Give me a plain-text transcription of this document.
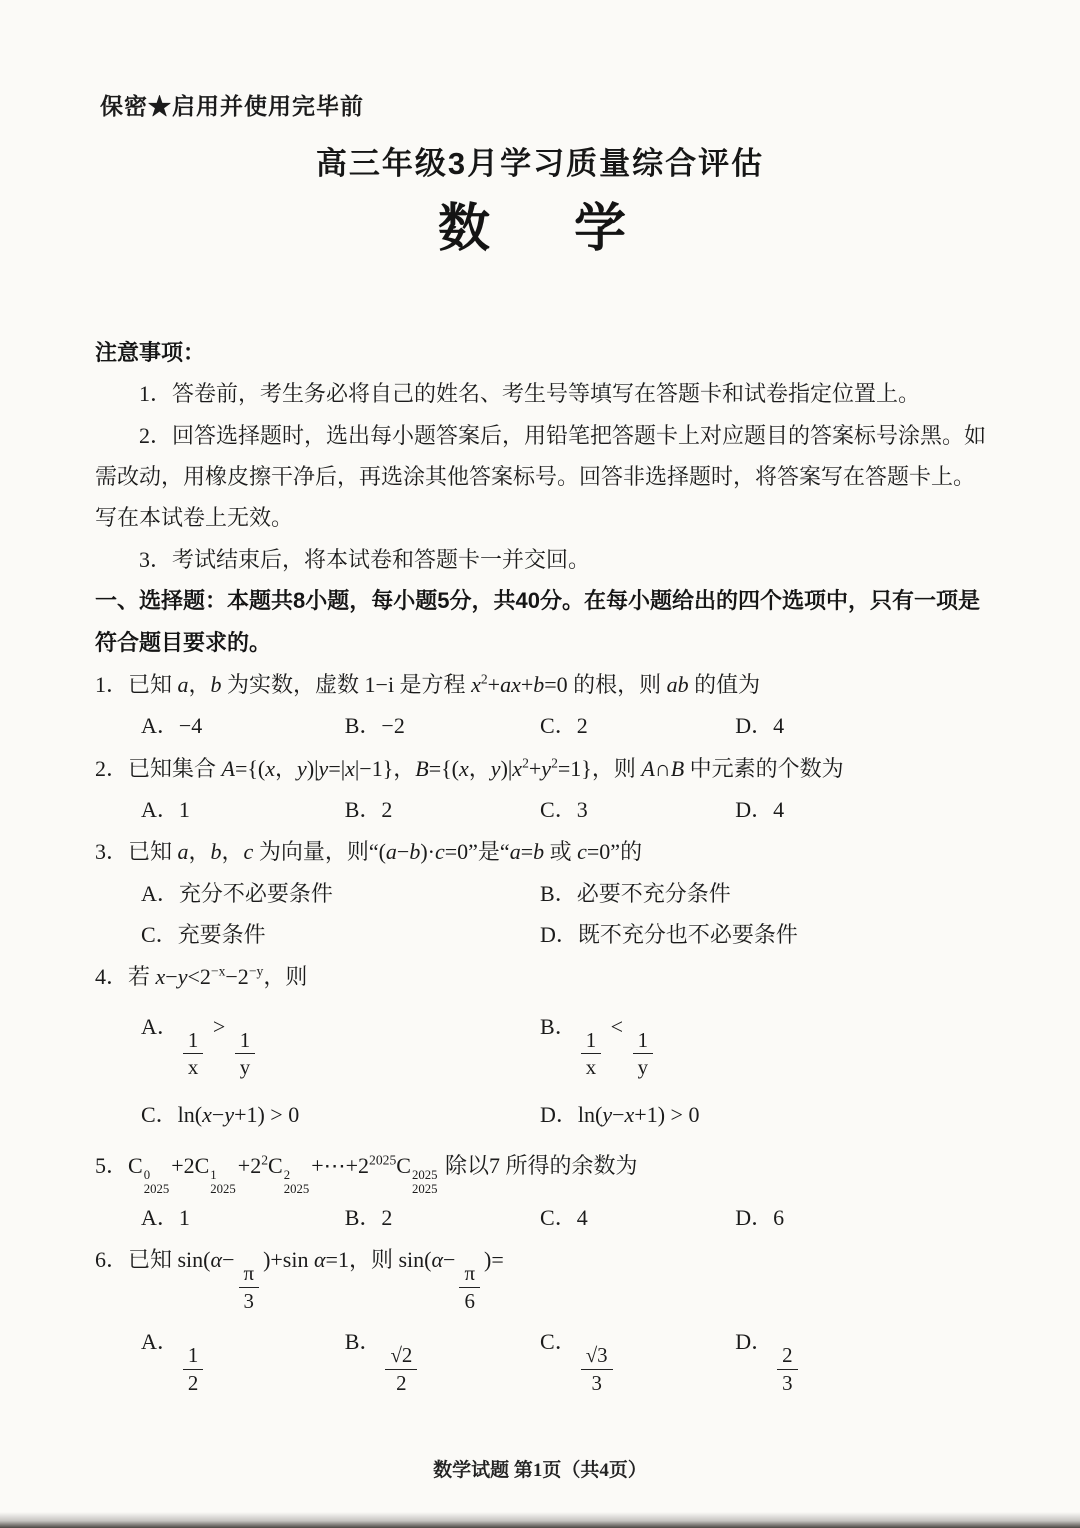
保密★启用并使用完毕前
高三年级3月学习质量综合评估
数　学

注意事项：

1．答卷前，考生务必将自己的姓名、考生号等填写在答题卡和试卷指定位置上。

2．回答选择题时，选出每小题答案后，用铅笔把答题卡上对应题目的答案标号涂黑。如需改动，用橡皮擦干净后，再选涂其他答案标号。回答非选择题时，将答案写在答题卡上。写在本试卷上无效。

3．考试结束后，将本试卷和答题卡一并交回。

一、选择题：本题共8小题，每小题5分，共40分。在每小题给出的四个选项中，只有一项是符合题目要求的。

1．已知 a，b 为实数，虚数 1−i 是方程 $x^2+ax+b=0$ 的根，则 ab 的值为

A．−4	B．−2	C．2	D．4

2．已知集合 A={(x，y)|y=|x|−1}，B={(x，$y)|x^2+y^2=1$}，则 A∩B 中元素的个数为

A．1	B．2	C．3	D．4

3．已知 a，b，c 为向量，则“(a−b)·c=0”是“a=b 或 c=0”的

A．充分不必要条件	B．必要不充分条件
C．充要条件	D．既不充分也不必要条件

4．若 $x-y<2^{-x}-2^{-y}$，则

A．
$\frac{1}{x}$
>
$\frac{1}{y}$
B．
$\frac{1}{x}$
<
$\frac{1}{y}$
C．ln(x−y+1) > 0	D．ln(y−x+1) > 0

5．C 0
2025
+2C 1
2025
$+2^2C$ 2
2025
$+\cdots+2^{2025}C$ 2025
2025
除以7 所得的余数为

A．1	B．2	C．4	D．6

6．已知 sin(α−
$\frac{\pi}{3}$
)+sin α=1，则 sin(α−
$\frac{\pi}{6}$
)=

A．
$\frac{1}{2}$
B．
$\frac{√2}{2}$
C．
$\frac{√3}{3}$
D．
$\frac{2}{3}$
数学试题 第1页（共4页）
